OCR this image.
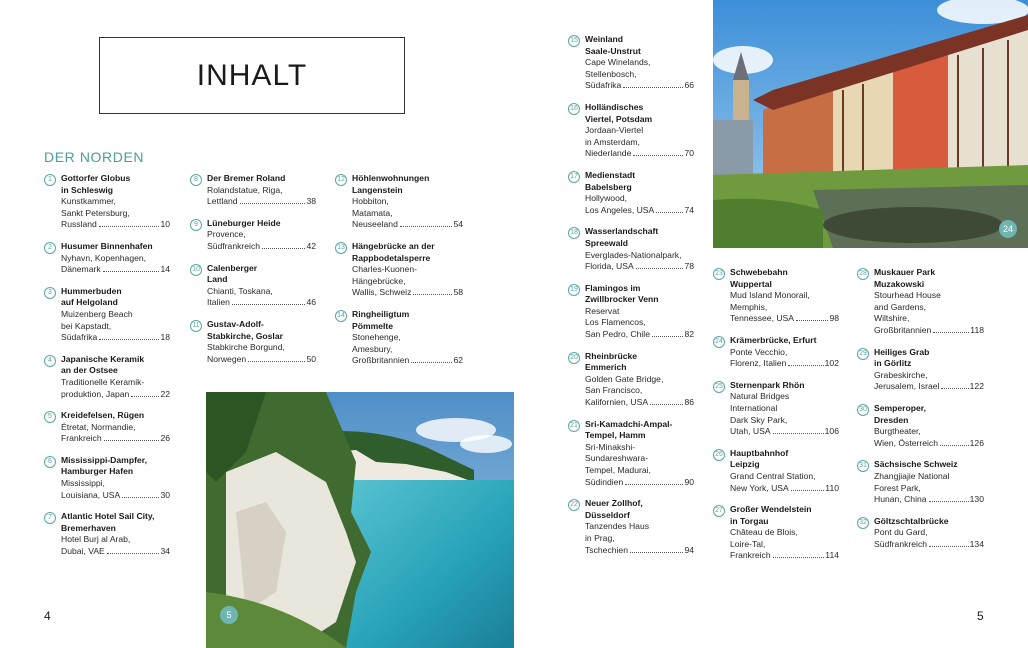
INHALT
DER NORDEN
1	Gottorfer Globus
in Schleswig
Kunstkammer,
Sankt Petersburg,
Russland	10
2	Husumer Binnenhafen
Nyhavn, Kopenhagen,
Dänemark	14
3	Hummerbuden
auf Helgoland
Muizenberg Beach
bei Kapstadt,
Südafrika	18
4	Japanische Keramik
an der Ostsee
Traditionelle Keramik-
produktion, Japan	22
5	Kreidefelsen, Rügen
Étretat, Normandie,
Frankreich	26
6	Mississippi-Dampfer,
Hamburger Hafen
Mississippi,
Louisiana, USA	30
7	Atlantic Hotel Sail City,
Bremerhaven
Hotel Burj al Arab,
Dubai, VAE	34
8	Der Bremer Roland
Rolandstatue, Riga,
Lettland	38
9	Lüneburger Heide
Provence,
Südfrankreich	42
10 Calenberger
Land
Chianti, Toskana,
Italien	46
11 Gustav-Adolf-
Stabkirche, Goslar
Stabkirche Borgund,
Norwegen	50
12 Höhlenwohnungen
Langenstein
Hobbiton,
Matamata,
Neuseeland	54
13 Hängebrücke an der
Rappbodetalsperre
Charles-Kuonen-
Hängebrücke,
Wallis, Schweiz	58
14 Ringheiligtum
Pömmelte
Stonehenge,
Amesbury,
Großbritannien	62
5
4
15 Weinland
Saale-Unstrut
Cape Winelands,
Stellenbosch,
Südafrika	66
16 Holländisches
Viertel, Potsdam
Jordaan-Viertel
in Amsterdam,
Niederlande	70
17 Medienstadt
Babelsberg
Hollywood,
Los Angeles, USA	74
18 Wasserlandschaft
Spreewald
Everglades-Nationalpark,
Florida, USA	78
19 Flamingos im
Zwillbrocker Venn
Reservat
Los Flamencos,
San Pedro, Chile	82
20 Rheinbrücke
Emmerich
Golden Gate Bridge,
San Francisco,
Kalifornien, USA	86
21 Sri-Kamadchi-Ampal-
Tempel, Hamm
Sri-Minakshi-
Sundareshwara-
Tempel, Madurai,
Südindien	90
22 Neuer Zollhof,
Düsseldorf
Tanzendes Haus
in Prag,
Tschechien	94
23 Schwebebahn
Wuppertal
Mud Island Monorail,
Memphis,
Tennessee, USA	98
24 Krämerbrücke, Erfurt
Ponte Vecchio,
Florenz, Italien	102
25 Sternenpark Rhön
Natural Bridges
International
Dark Sky Park,
Utah, USA	106
26 Hauptbahnhof
Leipzig
Grand Central Station,
New York, USA	110
27 Großer Wendelstein
in Torgau
Château de Blois,
Loire-Tal,
Frankreich	114
28 Muskauer Park
Muzakowski
Stourhead House
and Gardens,
Wiltshire,
Großbritannien	118
29 Heiliges Grab
in Görlitz
Grabeskirche,
Jerusalem, Israel	122
30 Semperoper,
Dresden
Burgtheater,
Wien, Österreich	126
31 Sächsische Schweiz
Zhangjiajie National
Forest Park,
Hunan, China	130
32 Göltzschtalbrücke
Pont du Gard,
Südfrankreich	134
24
5
